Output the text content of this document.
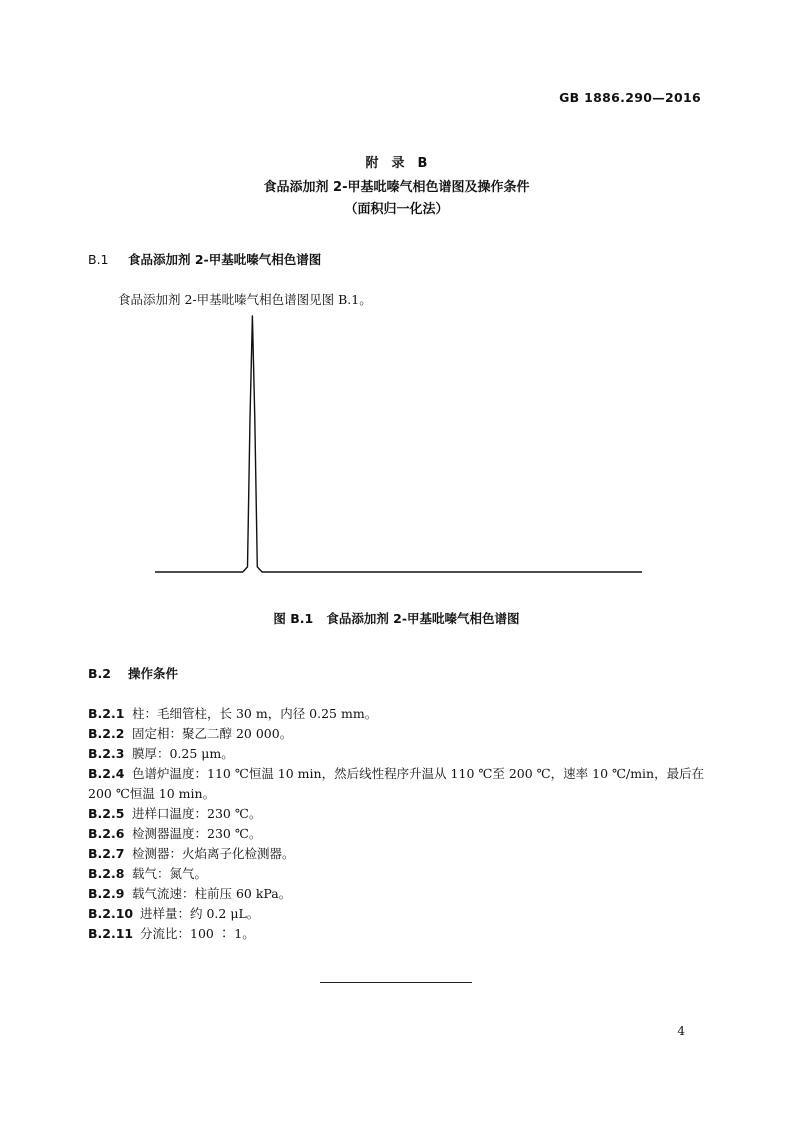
GB 1886.290—2016
附　录　B
食品添加剂 2-甲基吡嗪气相色谱图及操作条件
（面积归一化法）
B.1 食品添加剂 2-甲基吡嗪气相色谱图
食品添加剂 2-甲基吡嗪气相色谱图见图 B.1。
图 B.1 食品添加剂 2-甲基吡嗪气相色谱图
B.2 操作条件
B.2.1 柱：毛细管柱，长 30 m，内径 0.25 mm。
B.2.2 固定相：聚乙二醇 20 000。
B.2.3 膜厚：0.25 μm。
B.2.4 色谱炉温度：110 ℃恒温 10 min，然后线性程序升温从 110 ℃至 200 ℃，速率 10 ℃/min，最后在
200 ℃恒温 10 min。
B.2.5 进样口温度：230 ℃。
B.2.6 检测器温度：230 ℃。
B.2.7 检测器：火焰离子化检测器。
B.2.8 载气：氮气。
B.2.9 载气流速：柱前压 60 kPa。
B.2.10 进样量：约 0.2 μL。
B.2.11 分流比：100 ∶ 1。
4
